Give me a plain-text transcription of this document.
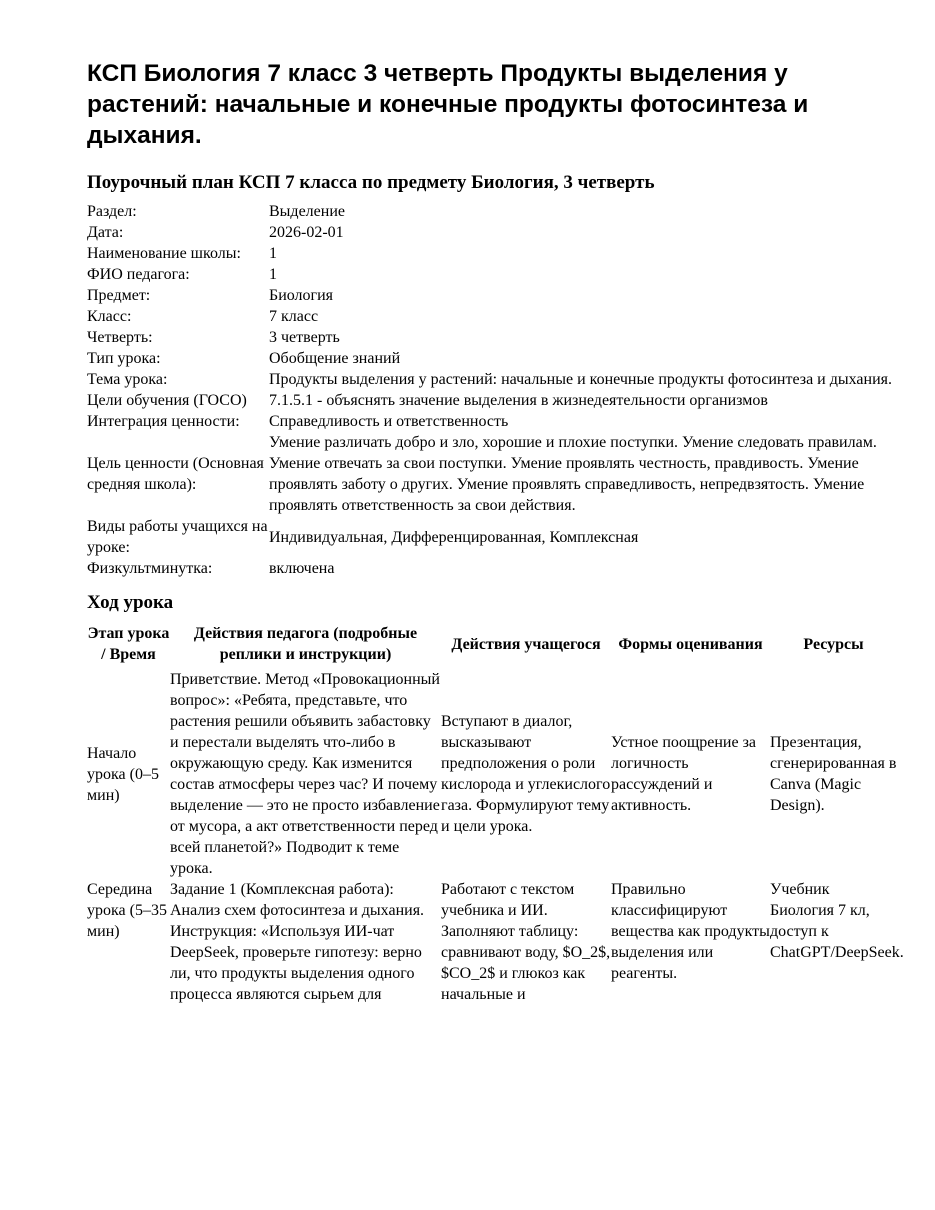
КСП Биология 7 класс 3 четверть Продукты выделения у растений: начальные и конечные продукты фотосинтеза и дыхания.
Поурочный план КСП 7 класса по предмету Биология, 3 четверть
Раздел:	Выделение
Дата:	2026-02-01
Наименование школы:	1
ФИО педагога:	1
Предмет:	Биология
Класс:	7 класс
Четверть:	3 четверть
Тип урока:	Обобщение знаний
Тема урока:	Продукты выделения у растений: начальные и конечные продукты фотосинтеза и дыхания.
Цели обучения (ГОСО)	7.1.5.1 - объяснять значение выделения в жизнедеятельности организмов
Интеграция ценности:	Справедливость и ответственность
Цель ценности (Основная средняя школа):	Умение различать добро и зло, хорошие и плохие поступки. Умение следовать правилам. Умение отвечать за свои поступки. Умение проявлять честность, правдивость. Умение проявлять заботу о других. Умение проявлять справедливость, непредвзятость. Умение проявлять ответственность за свои действия.
Виды работы учащихся на уроке:	Индивидуальная, Дифференцированная, Комплексная
Физкультминутка:	включена
Ход урока
Этап урока / Время	Действия педагога (подробные реплики и инструкции)	Действия учащегося	Формы оценивания	Ресурсы
Начало урока (0–5 мин)	Приветствие. Метод «Провокационный вопрос»: «Ребята, представьте, что растения решили объявить забастовку и перестали выделять что-либо в окружающую среду. Как изменится состав атмосферы через час? И почему выделение — это не просто избавление от мусора, а акт ответственности перед всей планетой?» Подводит к теме урока.	Вступают в диалог, высказывают предположения о роли кислорода и углекислого газа. Формулируют тему и цели урока.	Устное поощрение за логичность рассуждений и активность.	Презентация, сгенерированная в Canva (Magic Design).
Середина урока (5–35 мин)	Задание 1 (Комплексная работа): Анализ схем фотосинтеза и дыхания. Инструкция: «Используя ИИ-чат DeepSeek, проверьте гипотезу: верно ли, что продукты выделения одного процесса являются сырьем для	Работают с текстом учебника и ИИ. Заполняют таблицу: сравнивают воду, $O_2$, $CO_2$ и глюкоз как начальные и	Правильно классифицируют вещества как продукты выделения или реагенты.	Учебник Биология 7 кл, доступ к ChatGPT/DeepSeek.
